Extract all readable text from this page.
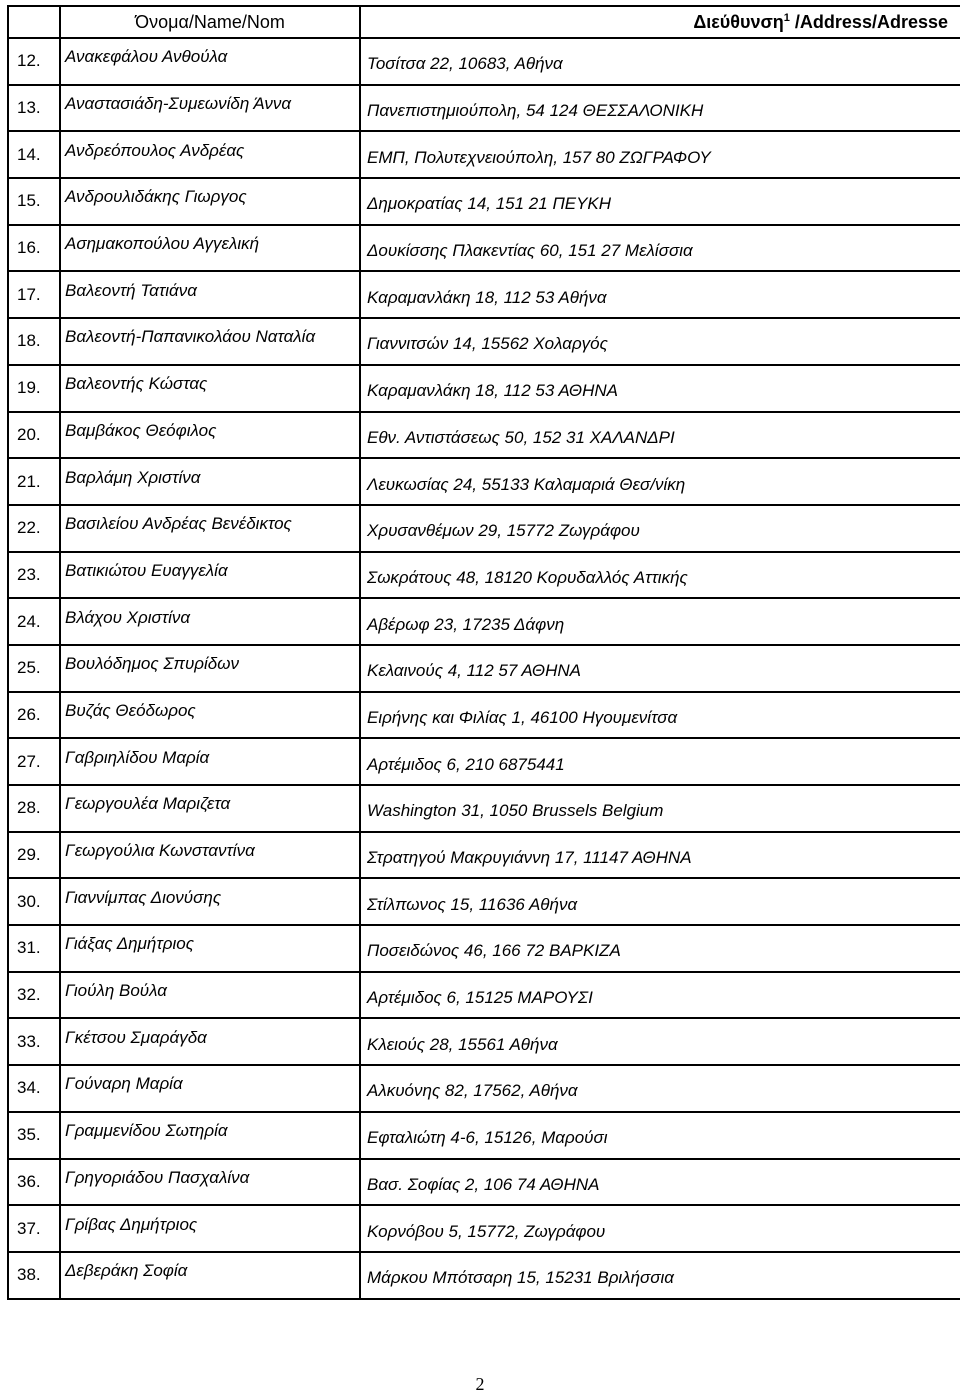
	Όνομα/Name/Nom	Διεύθυνση$^1$ /Address/Adresse
12.	Ανακεφάλου Ανθούλα	Τοσίτσα 22, 10683, Αθήνα
13.	Αναστασιάδη-Συμεωνίδη Άννα	Πανεπιστημιούπολη, 54 124 ΘΕΣΣΑΛΟΝΙΚΗ
14.	Ανδρεόπουλος Ανδρέας	ΕΜΠ, Πολυτεχνειούπολη, 157 80 ΖΩΓΡΑΦΟΥ
15.	Ανδρουλιδάκης Γιωργος	Δημοκρατίας 14, 151 21 ΠΕΥΚΗ
16.	Ασημακοπούλου Αγγελική	Δουκίσσης Πλακεντίας 60, 151 27 Μελίσσια
17.	Βαλεοντή Τατιάνα	Καραμανλάκη 18, 112 53 Αθήνα
18.	Βαλεοντή-Παπανικολάου Ναταλία	Γιαννιτσών 14, 15562 Χολαργός
19.	Βαλεοντής Κώστας	Καραμανλάκη 18, 112 53 ΑΘΗΝΑ
20.	Βαμβάκος Θεόφιλος	Εθν. Αντιστάσεως 50, 152 31 ΧΑΛΑΝΔΡΙ
21.	Βαρλάμη Χριστίνα	Λευκωσίας 24, 55133 Καλαμαριά Θεσ/νίκη
22.	Βασιλείου Ανδρέας Βενέδικτος	Χρυσανθέμων 29, 15772 Ζωγράφου
23.	Βατικιώτου Ευαγγελία	Σωκράτους 48, 18120 Κορυδαλλός Αττικής
24.	Βλάχου Χριστίνα	Αβέρωφ 23, 17235 Δάφνη
25.	Βουλόδημος Σπυρίδων	Κελαινούς 4, 112 57 ΑΘΗΝΑ
26.	Βυζάς Θεόδωρος	Ειρήνης και Φιλίας 1, 46100 Ηγουμενίτσα
27.	Γαβριηλίδου Μαρία	Αρτέμιδος 6, 210 6875441
28.	Γεωργουλέα Μαριζετα	Washington 31, 1050 Brussels Belgium
29.	Γεωργούλια Κωνσταντίνα	Στρατηγού Μακρυγιάννη 17, 11147 ΑΘΗΝΑ
30.	Γιαννίμπας Διονύσης	Στίλπωνος 15, 11636 Αθήνα
31.	Γιάξας Δημήτριος	Ποσειδώνος 46, 166 72 ΒΑΡΚΙΖΑ
32.	Γιούλη Βούλα	Αρτέμιδος 6, 15125 ΜΑΡΟΥΣΙ
33.	Γκέτσου Σμαράγδα	Κλειούς 28, 15561 Αθήνα
34.	Γούναρη Μαρία	Αλκυόνης 82, 17562, Αθήνα
35.	Γραμμενίδου Σωτηρία	Εφταλιώτη 4-6, 15126, Μαρούσι
36.	Γρηγοριάδου Πασχαλίνα	Βασ. Σοφίας 2, 106 74 ΑΘΗΝΑ
37.	Γρίβας Δημήτριος	Κορνόβου 5, 15772, Ζωγράφου
38.	Δεβεράκη Σοφία	Μάρκου Μπότσαρη 15, 15231 Βριλήσσια
2
